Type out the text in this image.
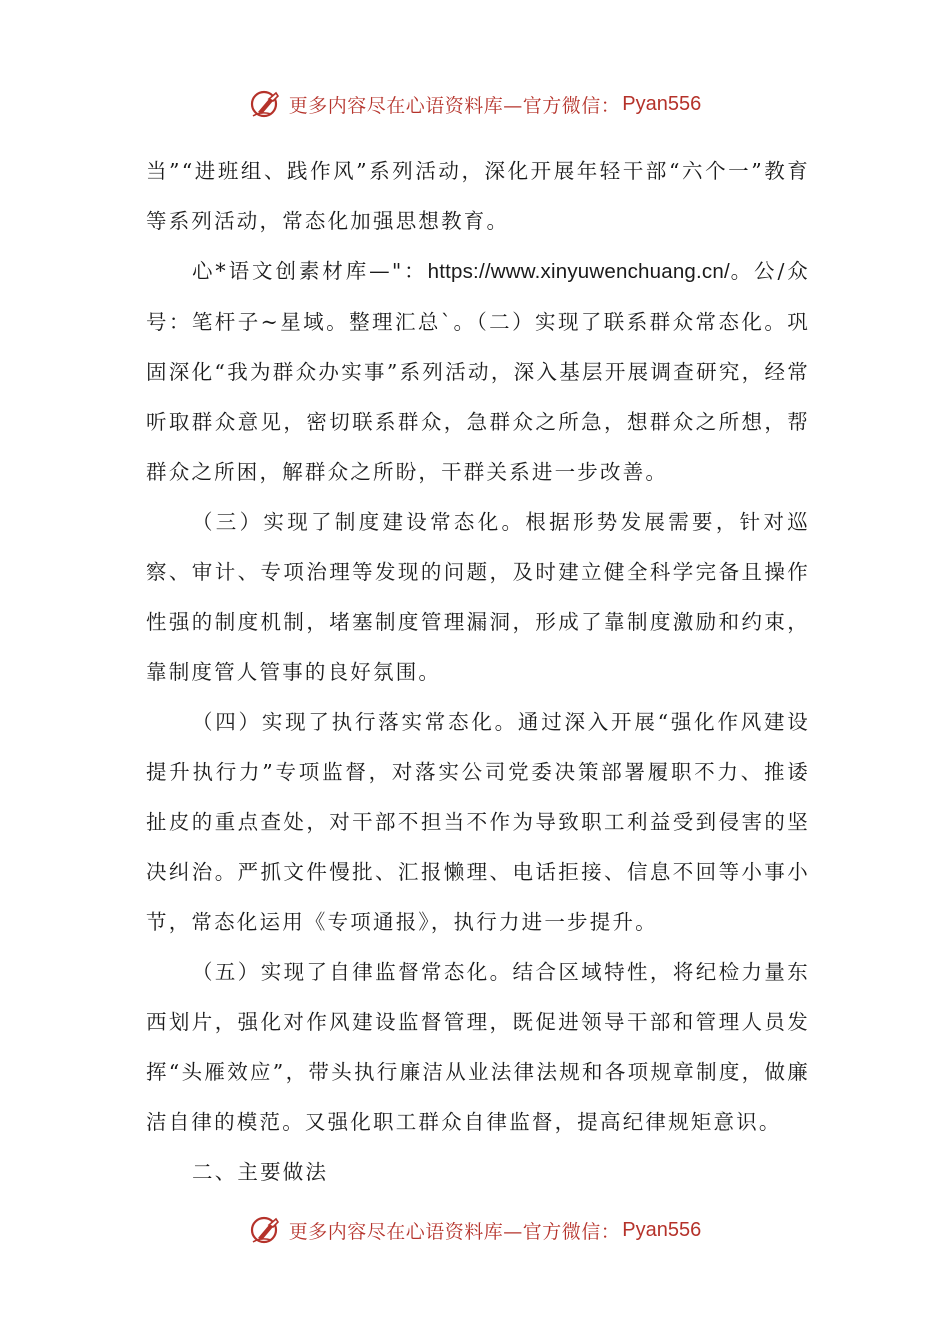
更多内容尽在心语资料库—官方微信： Pyan556

当”“进班组、践作风”系列活动，深化开展年轻干部“六个一”教育等系列活动，常态化加强思想教育。

心*语文创素材库—"：https://www.xinyuwenchuang.cn/。公/众号：笔杆子~星域。整理汇总`。（二）实现了联系群众常态化。巩固深化“我为群众办实事”系列活动，深入基层开展调查研究，经常听取群众意见，密切联系群众，急群众之所急，想群众之所想，帮群众之所困，解群众之所盼，干群关系进一步改善。

（三）实现了制度建设常态化。根据形势发展需要，针对巡察、审计、专项治理等发现的问题，及时建立健全科学完备且操作性强的制度机制，堵塞制度管理漏洞，形成了靠制度激励和约束，靠制度管人管事的良好氛围。

（四）实现了执行落实常态化。通过深入开展“强化作风建设提升执行力”专项监督，对落实公司党委决策部署履职不力、推诿扯皮的重点查处，对干部不担当不作为导致职工利益受到侵害的坚决纠治。严抓文件慢批、汇报懒理、电话拒接、信息不回等小事小节，常态化运用《专项通报》，执行力进一步提升。

（五）实现了自律监督常态化。结合区域特性，将纪检力量东西划片，强化对作风建设监督管理，既促进领导干部和管理人员发挥“头雁效应”，带头执行廉洁从业法律法规和各项规章制度，做廉洁自律的模范。又强化职工群众自律监督，提高纪律规矩意识。

二、主要做法

更多内容尽在心语资料库—官方微信： Pyan556
